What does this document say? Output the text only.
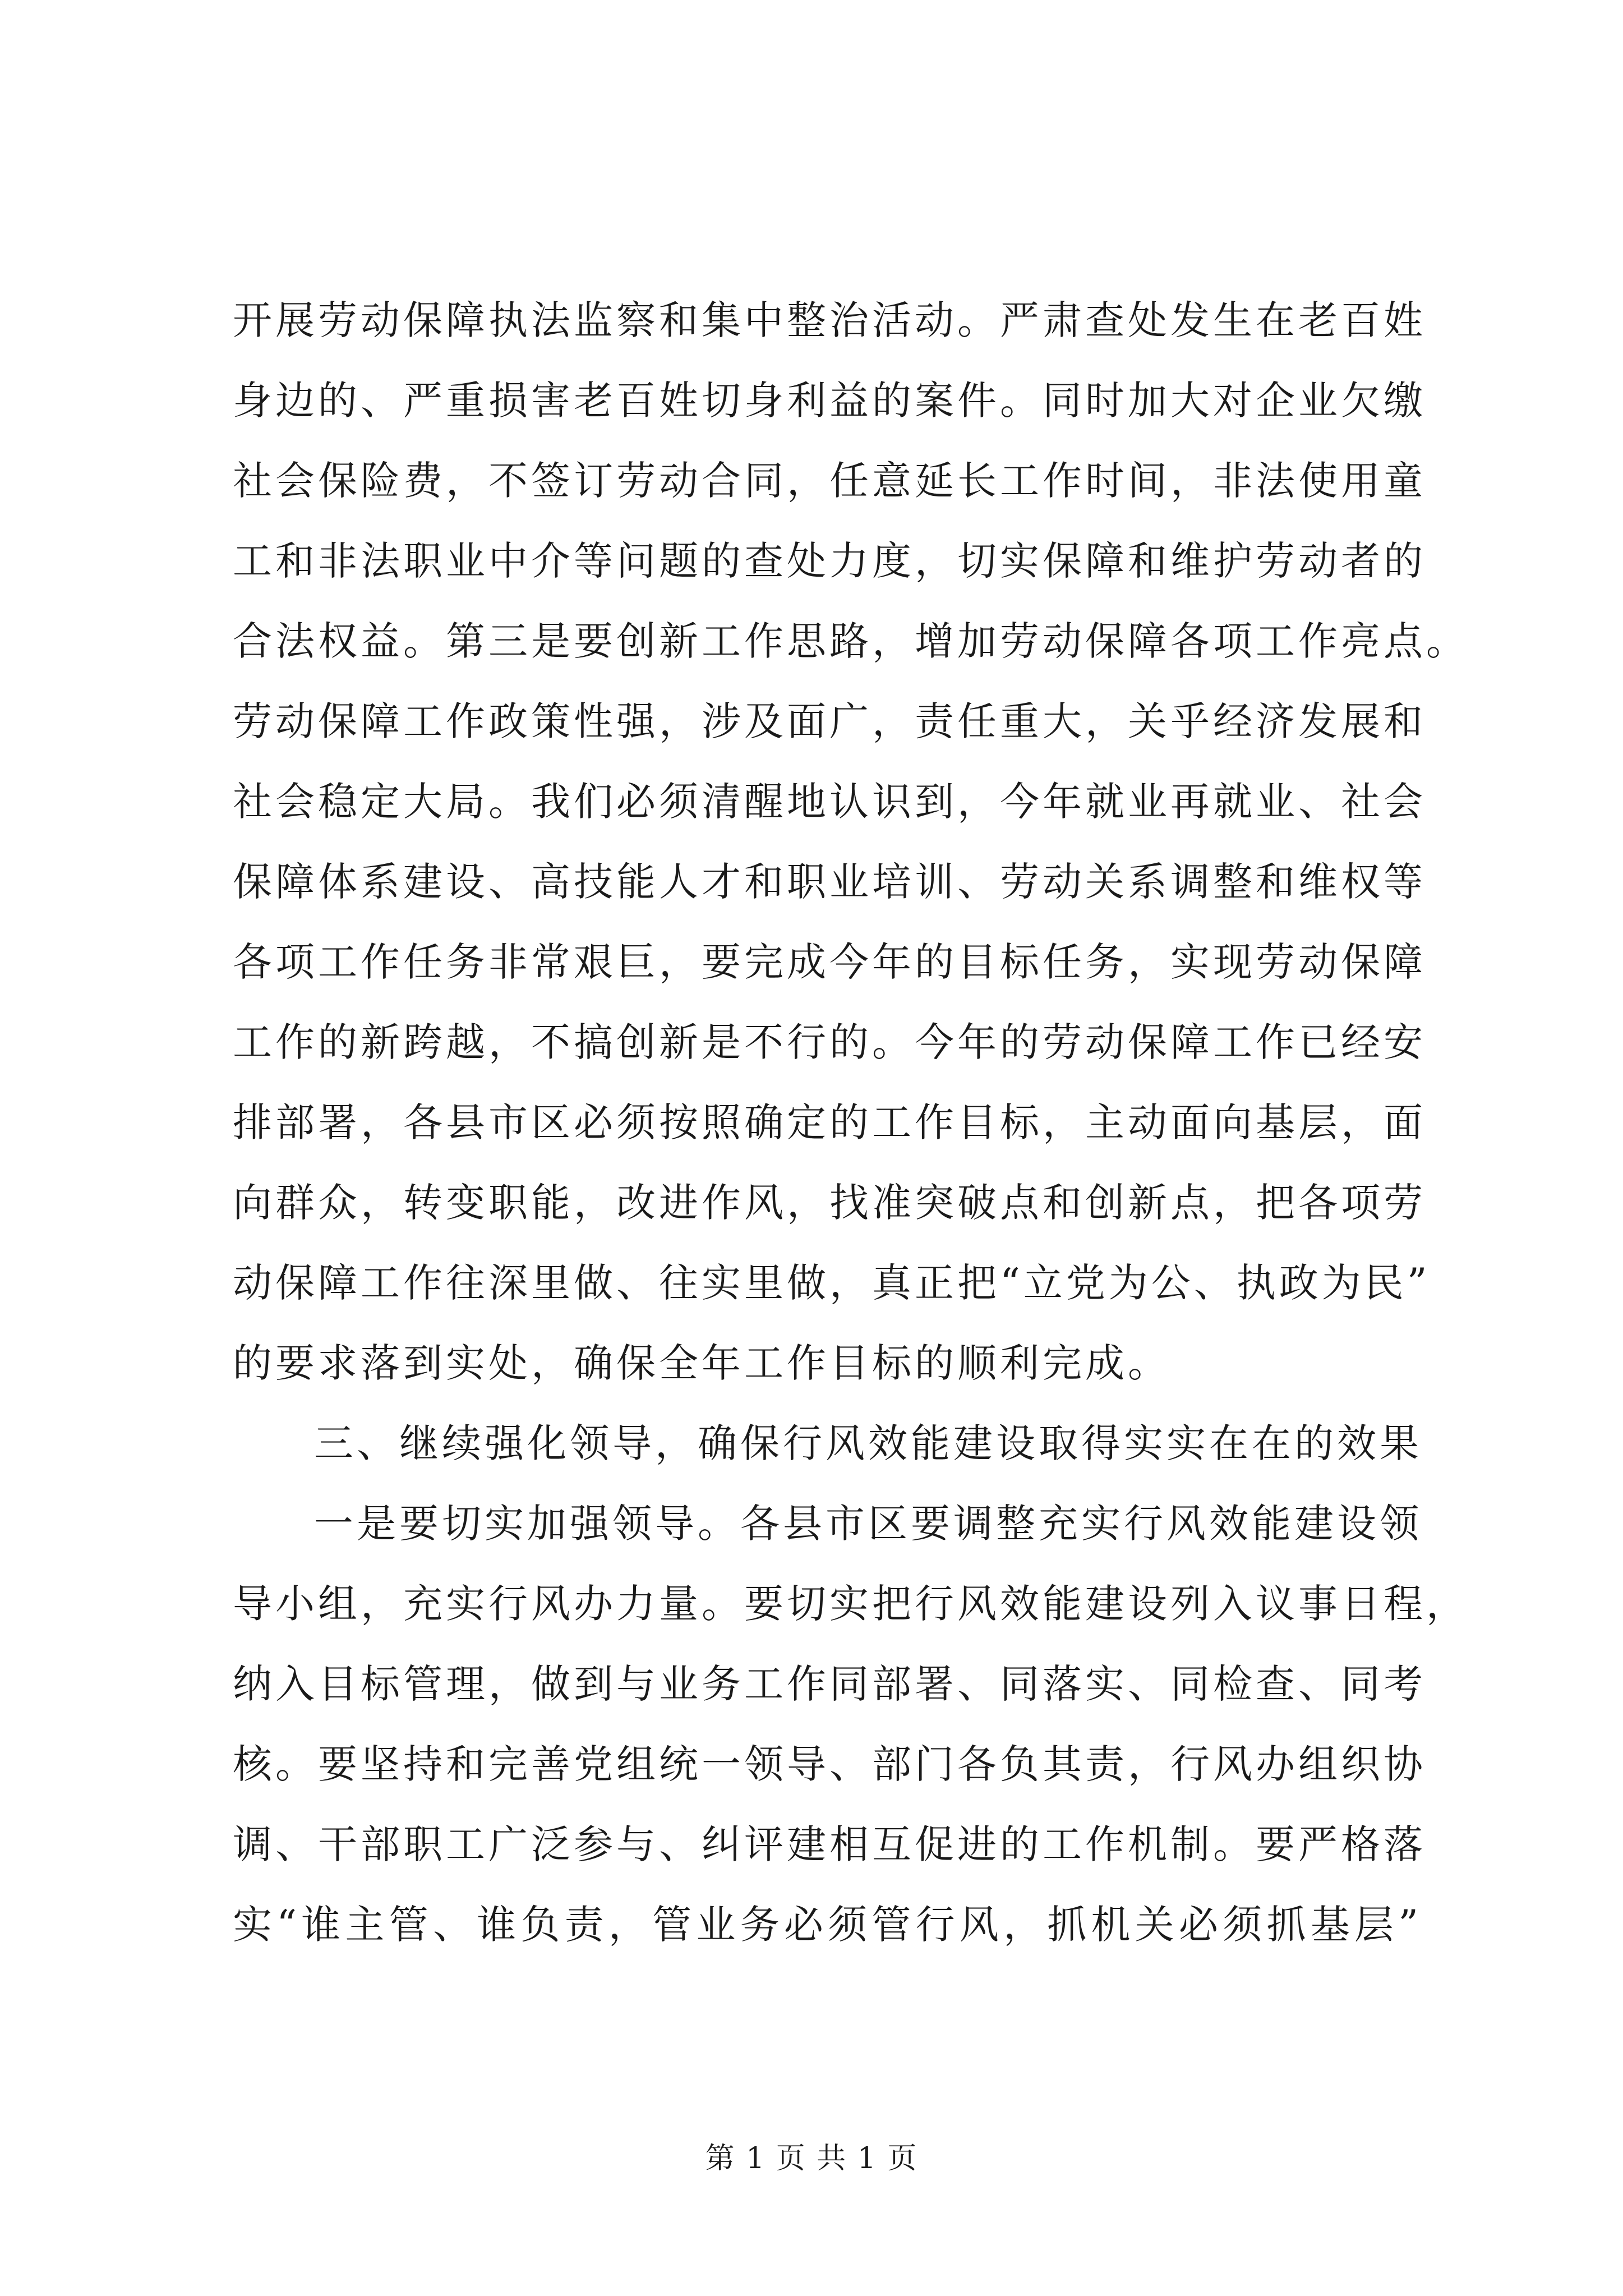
开展劳动保障执法监察和集中整治活动。严肃查处发生在老百姓
身边的、严重损害老百姓切身利益的案件。同时加大对企业欠缴
社会保险费，不签订劳动合同，任意延长工作时间，非法使用童
工和非法职业中介等问题的查处力度，切实保障和维护劳动者的
合法权益。第三是要创新工作思路，增加劳动保障各项工作亮点。
劳动保障工作政策性强，涉及面广，责任重大，关乎经济发展和
社会稳定大局。我们必须清醒地认识到，今年就业再就业、社会
保障体系建设、高技能人才和职业培训、劳动关系调整和维权等
各项工作任务非常艰巨，要完成今年的目标任务，实现劳动保障
工作的新跨越，不搞创新是不行的。今年的劳动保障工作已经安
排部署，各县市区必须按照确定的工作目标，主动面向基层，面
向群众，转变职能，改进作风，找准突破点和创新点，把各项劳
动保障工作往深里做、往实里做，真正把“立党为公、执政为民”
的要求落到实处，确保全年工作目标的顺利完成。
三、继续强化领导，确保行风效能建设取得实实在在的效果
一是要切实加强领导。各县市区要调整充实行风效能建设领
导小组，充实行风办力量。要切实把行风效能建设列入议事日程，
纳入目标管理，做到与业务工作同部署、同落实、同检查、同考
核。要坚持和完善党组统一领导、部门各负其责，行风办组织协
调、干部职工广泛参与、纠评建相互促进的工作机制。要严格落
实“谁主管、谁负责，管业务必须管行风，抓机关必须抓基层”
第 1 页 共 1 页
